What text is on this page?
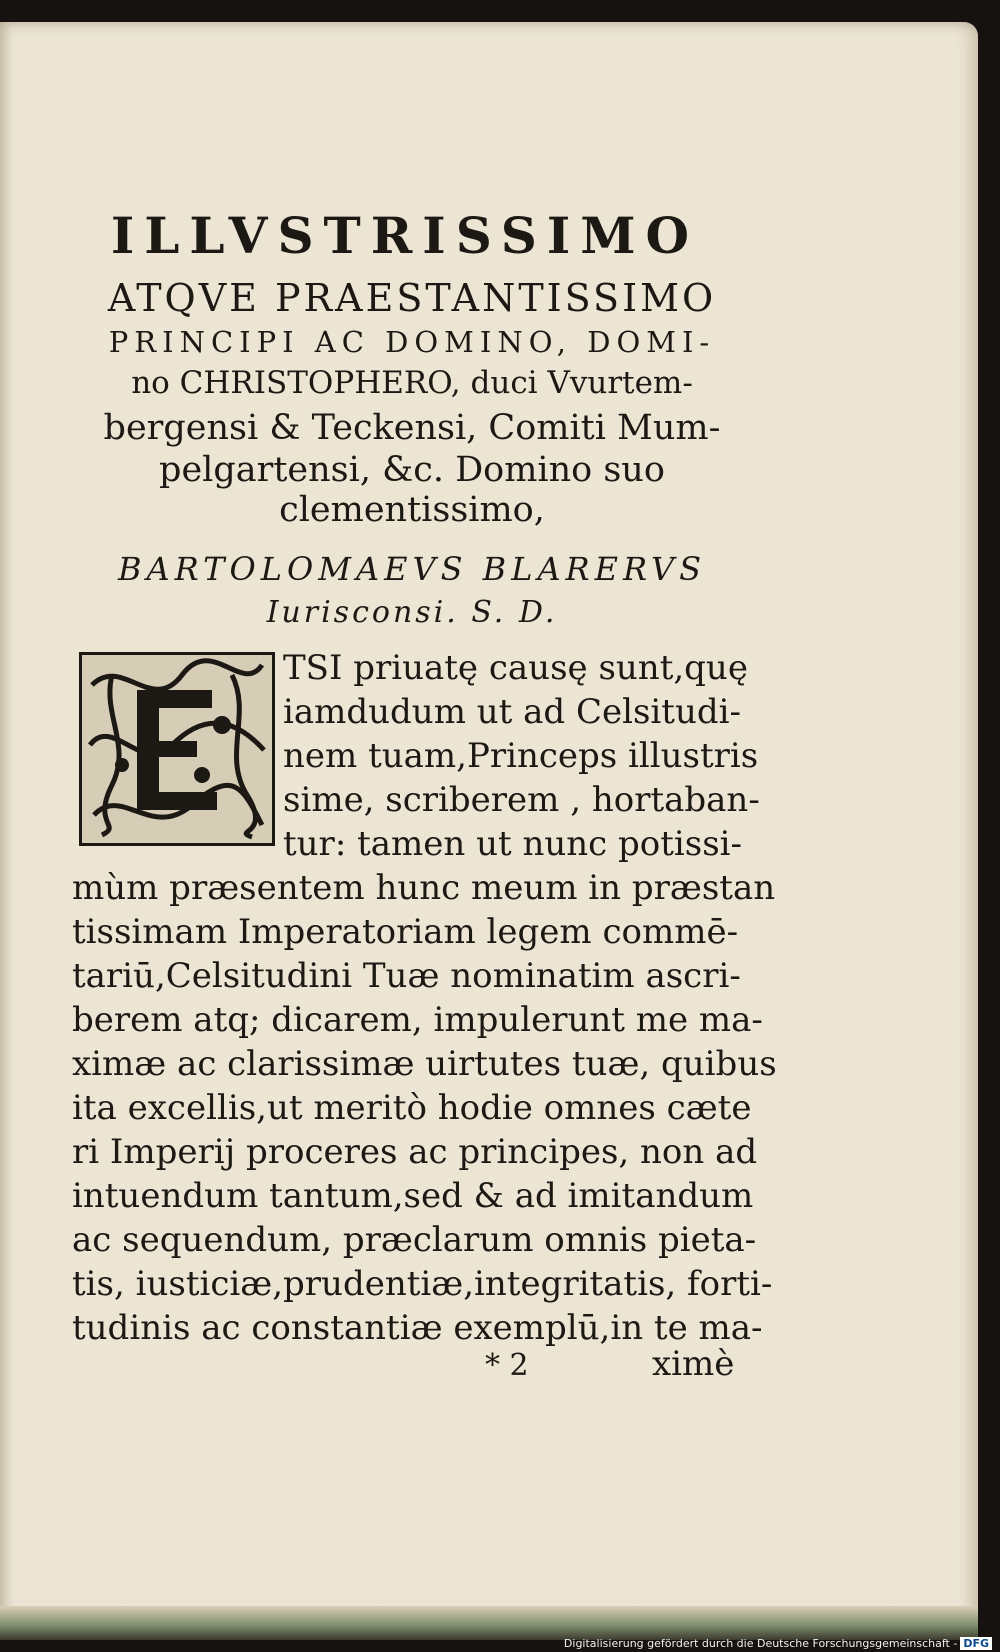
ILLVSTRISSIMO
ATQVE PRAESTANTISSIMO
PRINCIPI AC DOMINO, DOMI-
no CHRISTOPHERO, duci Vvurtem-
bergensi & Teckensi, Comiti Mum-
pelgartensi, &c. Domino suo
clementissimo,
BARTOLOMAEVS BLARERVS
Iurisconsi. S. D.
TSI priuatę causę sunt,quę
iamdudum ut ad Celsitudi-
nem tuam,Princeps illustris
sime, scriberem , hortaban-
tur: tamen ut nunc potissi-
mùm præsentem hunc meum in præstan
tissimam Imperatoriam legem commē-
tariū,Celsitudini Tuæ nominatim ascri-
berem atq; dicarem, impulerunt me ma-
ximæ ac clarissimæ uirtutes tuæ, quibus
ita excellis,ut meritò hodie omnes cæte
ri Imperij proceres ac principes, non ad
intuendum tantum,sed & ad imitandum
ac sequendum, præclarum omnis pieta-
tis, iusticiæ,prudentiæ,integritatis, forti-
tudinis ac constantiæ exemplū,in te ma-
* 2	ximè
Digitalisierung gefördert durch die Deutsche Forschungsgemeinschaft - DFG
